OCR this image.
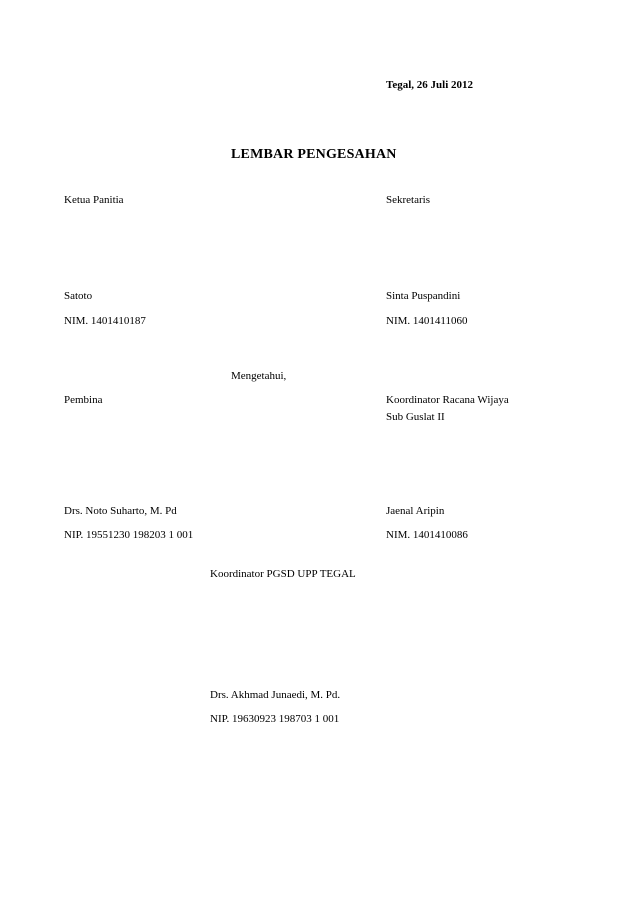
Tegal, 26 Juli 2012
LEMBAR PENGESAHAN
Ketua Panitia	Sekretaris
Satoto	Sinta Puspandini
NIM. 1401410187	NIM. 1401411060
Mengetahui,
Pembina	Koordinator Racana Wijaya
Sub Guslat II
Drs. Noto Suharto, M. Pd	Jaenal Aripin
NIP. 19551230 198203 1 001	NIM. 1401410086
Koordinator PGSD UPP TEGAL
Drs. Akhmad Junaedi, M. Pd.
NIP. 19630923 198703 1 001
